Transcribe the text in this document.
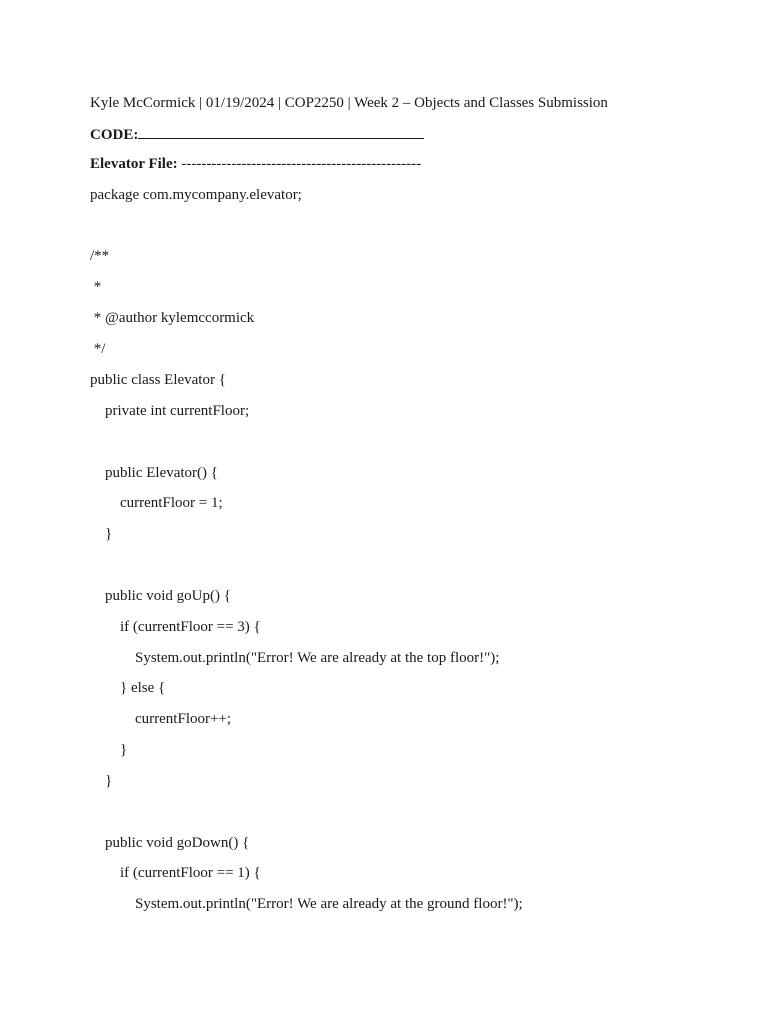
Kyle McCormick | 01/19/2024 | COP2250 | Week 2 – Objects and Classes Submission
CODE:
Elevator File: ------------------------------------------------
package com.mycompany.elevator;
/**
*
* @author kylemccormick
*/
public class Elevator {
private int currentFloor;
public Elevator() {
currentFloor = 1;
}
public void goUp() {
if (currentFloor == 3) {
System.out.println("Error! We are already at the top floor!");
} else {
currentFloor++;
}
}
public void goDown() {
if (currentFloor == 1) {
System.out.println("Error! We are already at the ground floor!");
